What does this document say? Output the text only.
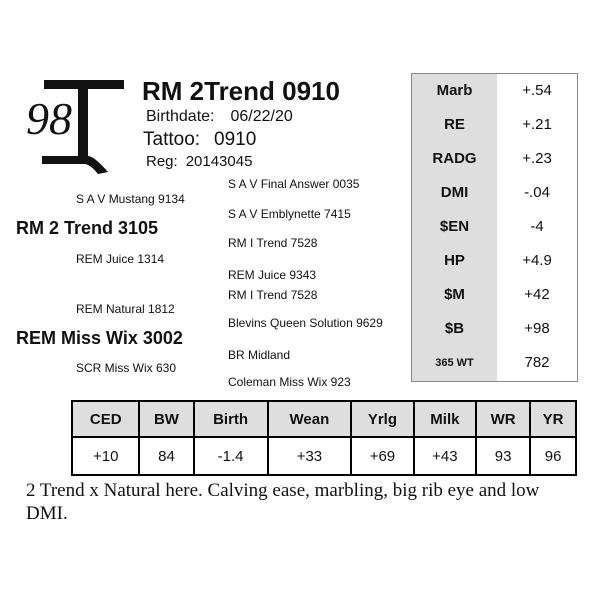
98
RM 2Trend 0910
Birthdate: 06/22/20
Tattoo: 0910
Reg: 20143045
S A V Mustang 9134
S A V Final Answer 0035
S A V Emblynette 7415
RM 2 Trend 3105
RM I Trend 7528
REM Juice 1314
REM Juice 9343
RM I Trend 7528
REM Natural 1812
Blevins Queen Solution 9629
REM Miss Wix 3002
BR Midland
SCR Miss Wix 630
Coleman Miss Wix 923
Marb	+.54
RE	+.21
RADG	+.23
DMI	-.04
$EN	-4
HP	+4.9
$M	+42
$B	+98
365 WT	782
CED	BW	Birth	Wean	Yrlg	Milk	WR	YR
+10	84	-1.4	+33	+69	+43	93	96
2 Trend x Natural here. Calving ease, marbling, big rib eye and low DMI.
